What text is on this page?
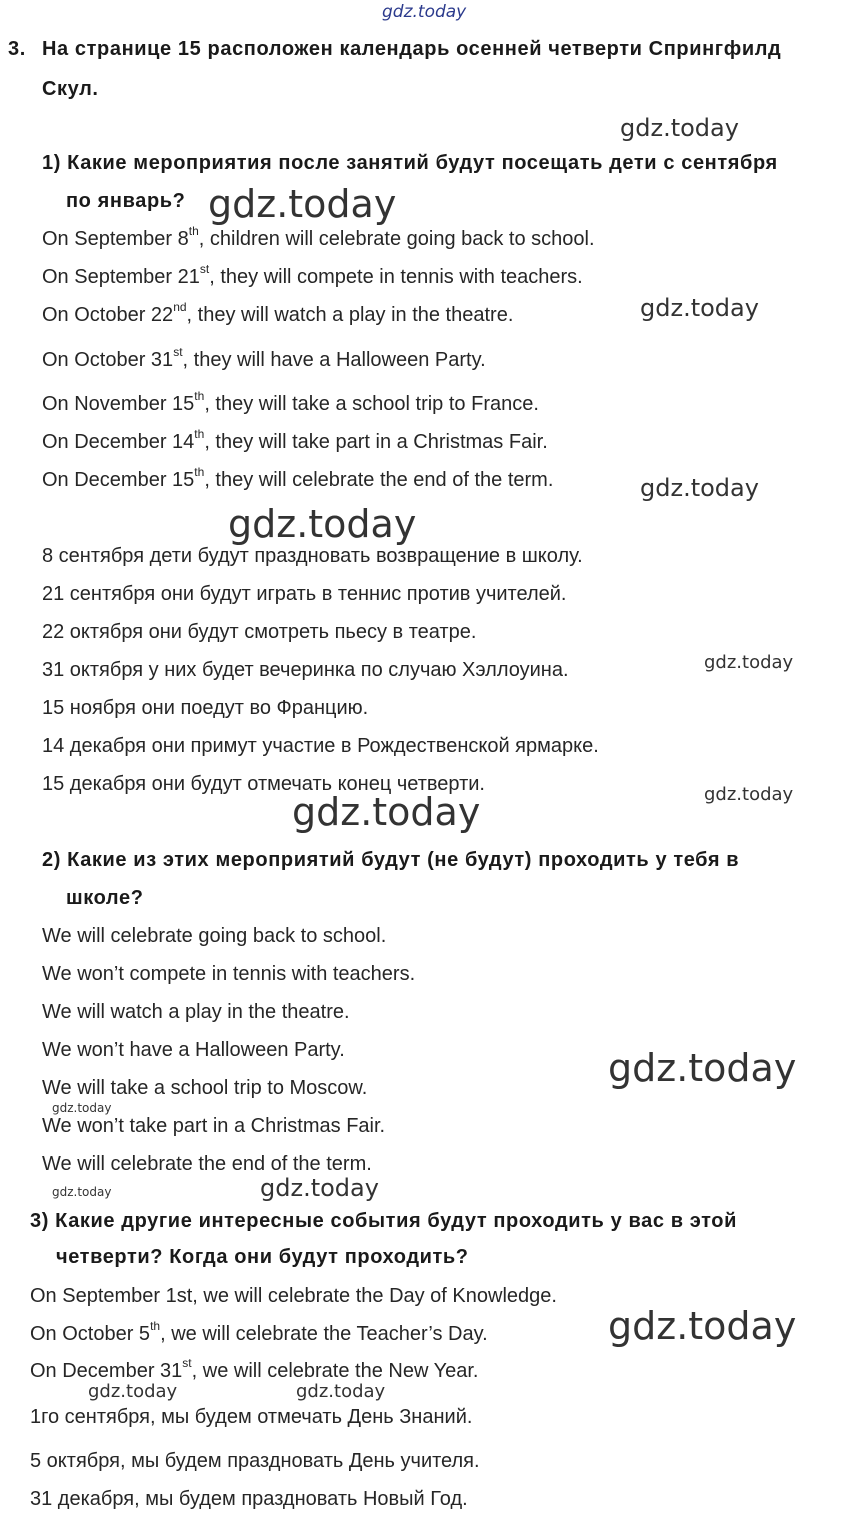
gdz.today
gdz.today
gdz.today
gdz.today
gdz.today
gdz.today
gdz.today
gdz.today
gdz.today
gdz.today
gdz.today
gdz.today	gdz.today
gdz.today
gdz.today	gdz.today
3. На странице 15 расположен календарь осенней четверти Спрингфилд
Скул.
1) Какие мероприятия после занятий будут посещать дети с сентября
по январь?
On September 8th, children will celebrate going back to school.
On September 21st, they will compete in tennis with teachers.
On October 22nd, they will watch a play in the theatre.
On October 31st, they will have a Halloween Party.
On November 15th, they will take a school trip to France.
On December 14th, they will take part in a Christmas Fair.
On December 15th, they will celebrate the end of the term.
8 сентября дети будут праздновать возвращение в школу.
21 сентября они будут играть в теннис против учителей.
22 октября они будут смотреть пьесу в театре.
31 октября у них будет вечеринка по случаю Хэллоуина.
15 ноября они поедут во Францию.
14 декабря они примут участие в Рождественской ярмарке.
15 декабря они будут отмечать конец четверти.
2) Какие из этих мероприятий будут (не будут) проходить у тебя в
школе?
We will celebrate going back to school.
We won’t compete in tennis with teachers.
We will watch a play in the theatre.
We won’t have a Halloween Party.
We will take a school trip to Moscow.
We won’t take part in a Christmas Fair.
We will celebrate the end of the term.
3) Какие другие интересные события будут проходить у вас в этой
четверти? Когда они будут проходить?
On September 1st, we will celebrate the Day of Knowledge.
On October 5th, we will celebrate the Teacher’s Day.
On December 31st, we will celebrate the New Year.
1го сентября, мы будем отмечать День Знаний.
5 октября, мы будем праздновать День учителя.
31 декабря, мы будем праздновать Новый Год.
